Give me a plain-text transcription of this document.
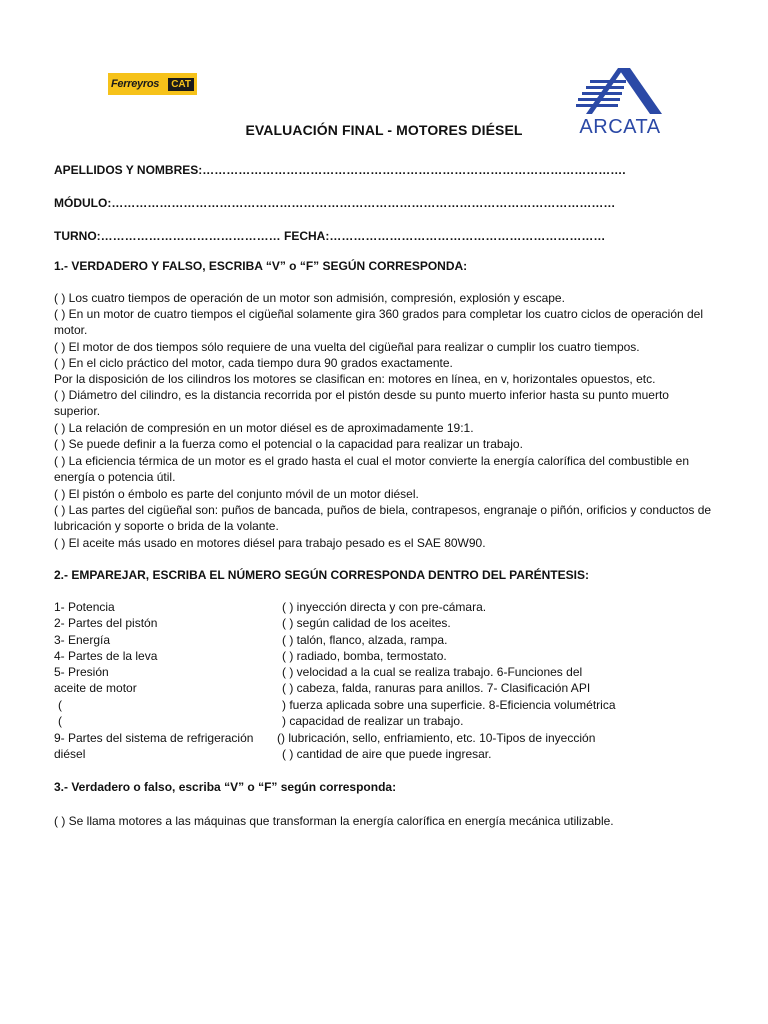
Ferreyros	CAT
ARCATA
EVALUACIÓN FINAL - MOTORES DIÉSEL
APELLIDOS Y NOMBRES:…………………………………………………………………………………………….
MÓDULO:………………………………………………………………………………………………………………
TURNO:……………………………………… FECHA:……………………………………………………………
1.- VERDADERO Y FALSO, ESCRIBA “V” o “F” SEGÚN CORRESPONDA:
( ) Los cuatro tiempos de operación de un motor son admisión, compresión, explosión y escape.
( ) En un motor de cuatro tiempos el cigüeñal solamente gira 360 grados para completar los cuatro ciclos de operación del motor.
( ) El motor de dos tiempos sólo requiere de una vuelta del cigüeñal para realizar o cumplir los cuatro tiempos.
( ) En el ciclo práctico del motor, cada tiempo dura 90 grados exactamente.
Por la disposición de los cilindros los motores se clasifican en: motores en línea, en v, horizontales opuestos, etc.
( ) Diámetro del cilindro, es la distancia recorrida por el pistón desde su punto muerto inferior hasta su punto muerto superior.
( ) La relación de compresión en un motor diésel es de aproximadamente 19:1.
( ) Se puede definir a la fuerza como el potencial o la capacidad para realizar un trabajo.
( ) La eficiencia térmica de un motor es el grado hasta el cual el motor convierte la energía calorífica del combustible en energía o potencia útil.
( ) El pistón o émbolo es parte del conjunto móvil de un motor diésel.
( ) Las partes del cigüeñal son: puños de bancada, puños de biela, contrapesos, engranaje o piñón, orificios y conductos de lubricación y soporte o brida de la volante.
( ) El aceite más usado en motores diésel para trabajo pesado es el SAE 80W90.
2.- EMPAREJAR, ESCRIBA EL NÚMERO SEGÚN CORRESPONDA DENTRO DEL PARÉNTESIS:
1- Potencia	( ) inyección directa y con pre-cámara.
2- Partes del pistón	( ) según calidad de los aceites.
3- Energía	( ) talón, flanco, alzada, rampa.
4- Partes de la leva	( ) radiado, bomba, termostato.
5- Presión	( ) velocidad a la cual se realiza trabajo. 6-Funciones del
aceite de motor	( ) cabeza, falda, ranuras para anillos. 7- Clasificación API
(	) fuerza aplicada sobre una superficie. 8-Eficiencia volumétrica
(	) capacidad de realizar un trabajo.
9- Partes del sistema de refrigeración () lubricación, sello, enfriamiento, etc. 10-Tipos de inyección
diésel	( ) cantidad de aire que puede ingresar.
3.- Verdadero o falso, escriba “V” o “F” según corresponda:
( ) Se llama motores a las máquinas que transforman la energía calorífica en energía mecánica utilizable.
